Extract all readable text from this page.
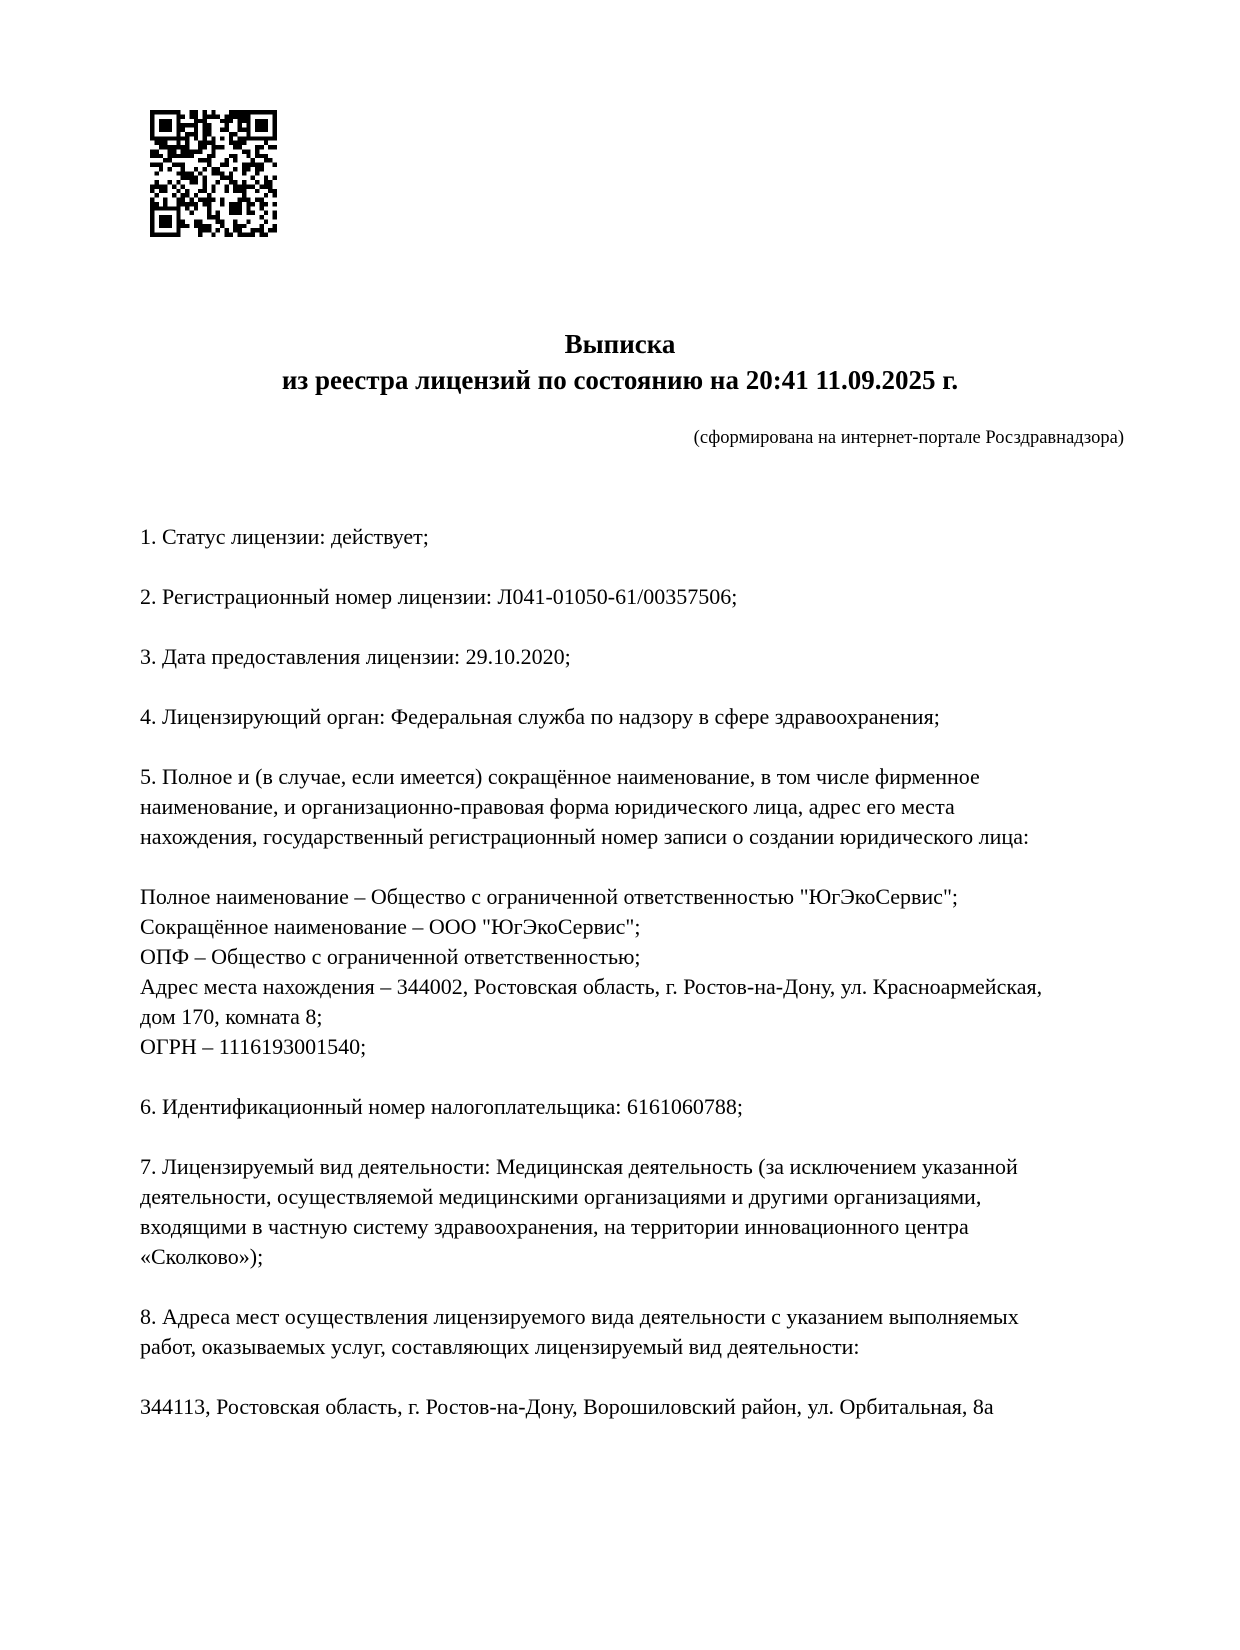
Выписка
из реестра лицензий по состоянию на 20:41 11.09.2025 г.
(сформирована на интернет-портале Росздравнадзора)

1. Статус лицензии: действует;

2. Регистрационный номер лицензии: Л041-01050-61/00357506;

3. Дата предоставления лицензии: 29.10.2020;

4. Лицензирующий орган: Федеральная служба по надзору в сфере здравоохранения;

5. Полное и (в случае, если имеется) сокращённое наименование, в том числе фирменное
наименование, и организационно-правовая форма юридического лица, адрес его места
нахождения, государственный регистрационный номер записи о создании юридического лица:

Полное наименование – Общество с ограниченной ответственностью "ЮгЭкоСервис";
Сокращённое наименование – ООО "ЮгЭкоСервис";
ОПФ – Общество с ограниченной ответственностью;
Адрес места нахождения – 344002, Ростовская область, г. Ростов-на-Дону, ул. Красноармейская,
дом 170, комната 8;
ОГРН – 1116193001540;

6. Идентификационный номер налогоплательщика: 6161060788;

7. Лицензируемый вид деятельности: Медицинская деятельность (за исключением указанной
деятельности, осуществляемой медицинскими организациями и другими организациями,
входящими в частную систему здравоохранения, на территории инновационного центра
«Сколково»);

8. Адреса мест осуществления лицензируемого вида деятельности с указанием выполняемых
работ, оказываемых услуг, составляющих лицензируемый вид деятельности:

344113, Ростовская область, г. Ростов-на-Дону, Ворошиловский район, ул. Орбитальная, 8а
